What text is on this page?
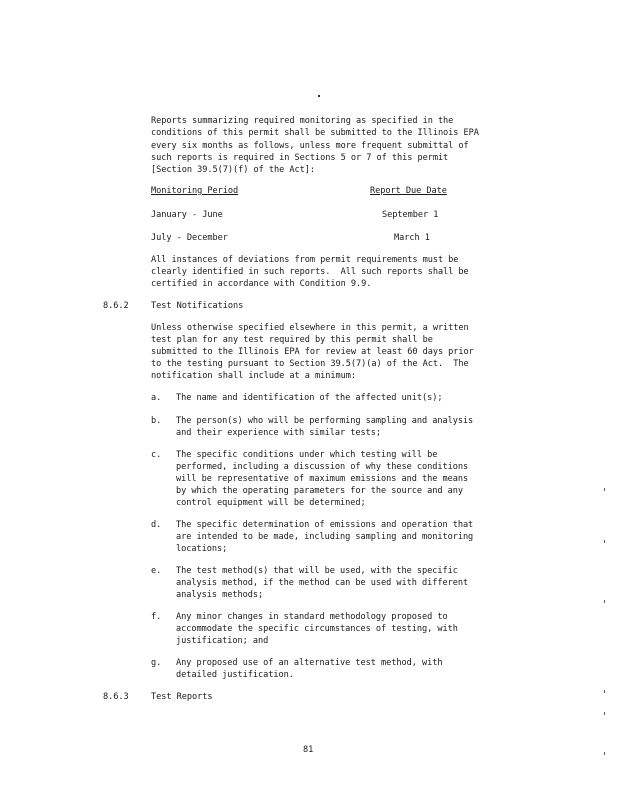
Reports summarizing required monitoring as specified in the
conditions of this permit shall be submitted to the Illinois EPA
every six months as follows, unless more frequent submittal of
such reports is required in Sections 5 or 7 of this permit
[Section 39.5(7)(f) of the Act]:
Monitoring Period	Report Due Date
January - June	September 1
July - December	March 1
All instances of deviations from permit requirements must be
clearly identified in such reports.  All such reports shall be
certified in accordance with Condition 9.9.
8.6.2	Test Notifications
Unless otherwise specified elsewhere in this permit, a written
test plan for any test required by this permit shall be
submitted to the Illinois EPA for review at least 60 days prior
to the testing pursuant to Section 39.5(7)(a) of the Act.  The
notification shall include at a minimum:
a. The name and identification of the affected unit(s);
b. The person(s) who will be performing sampling and analysis
and their experience with similar tests;
c. The specific conditions under which testing will be
performed, including a discussion of why these conditions
will be representative of maximum emissions and the means
by which the operating parameters for the source and any
control equipment will be determined;
d. The specific determination of emissions and operation that
are intended to be made, including sampling and monitoring
locations;
e. The test method(s) that will be used, with the specific
analysis method, if the method can be used with different
analysis methods;
f. Any minor changes in standard methodology proposed to
accommodate the specific circumstances of testing, with
justification; and
g. Any proposed use of an alternative test method, with
detailed justification.
8.6.3	Test Reports
81
